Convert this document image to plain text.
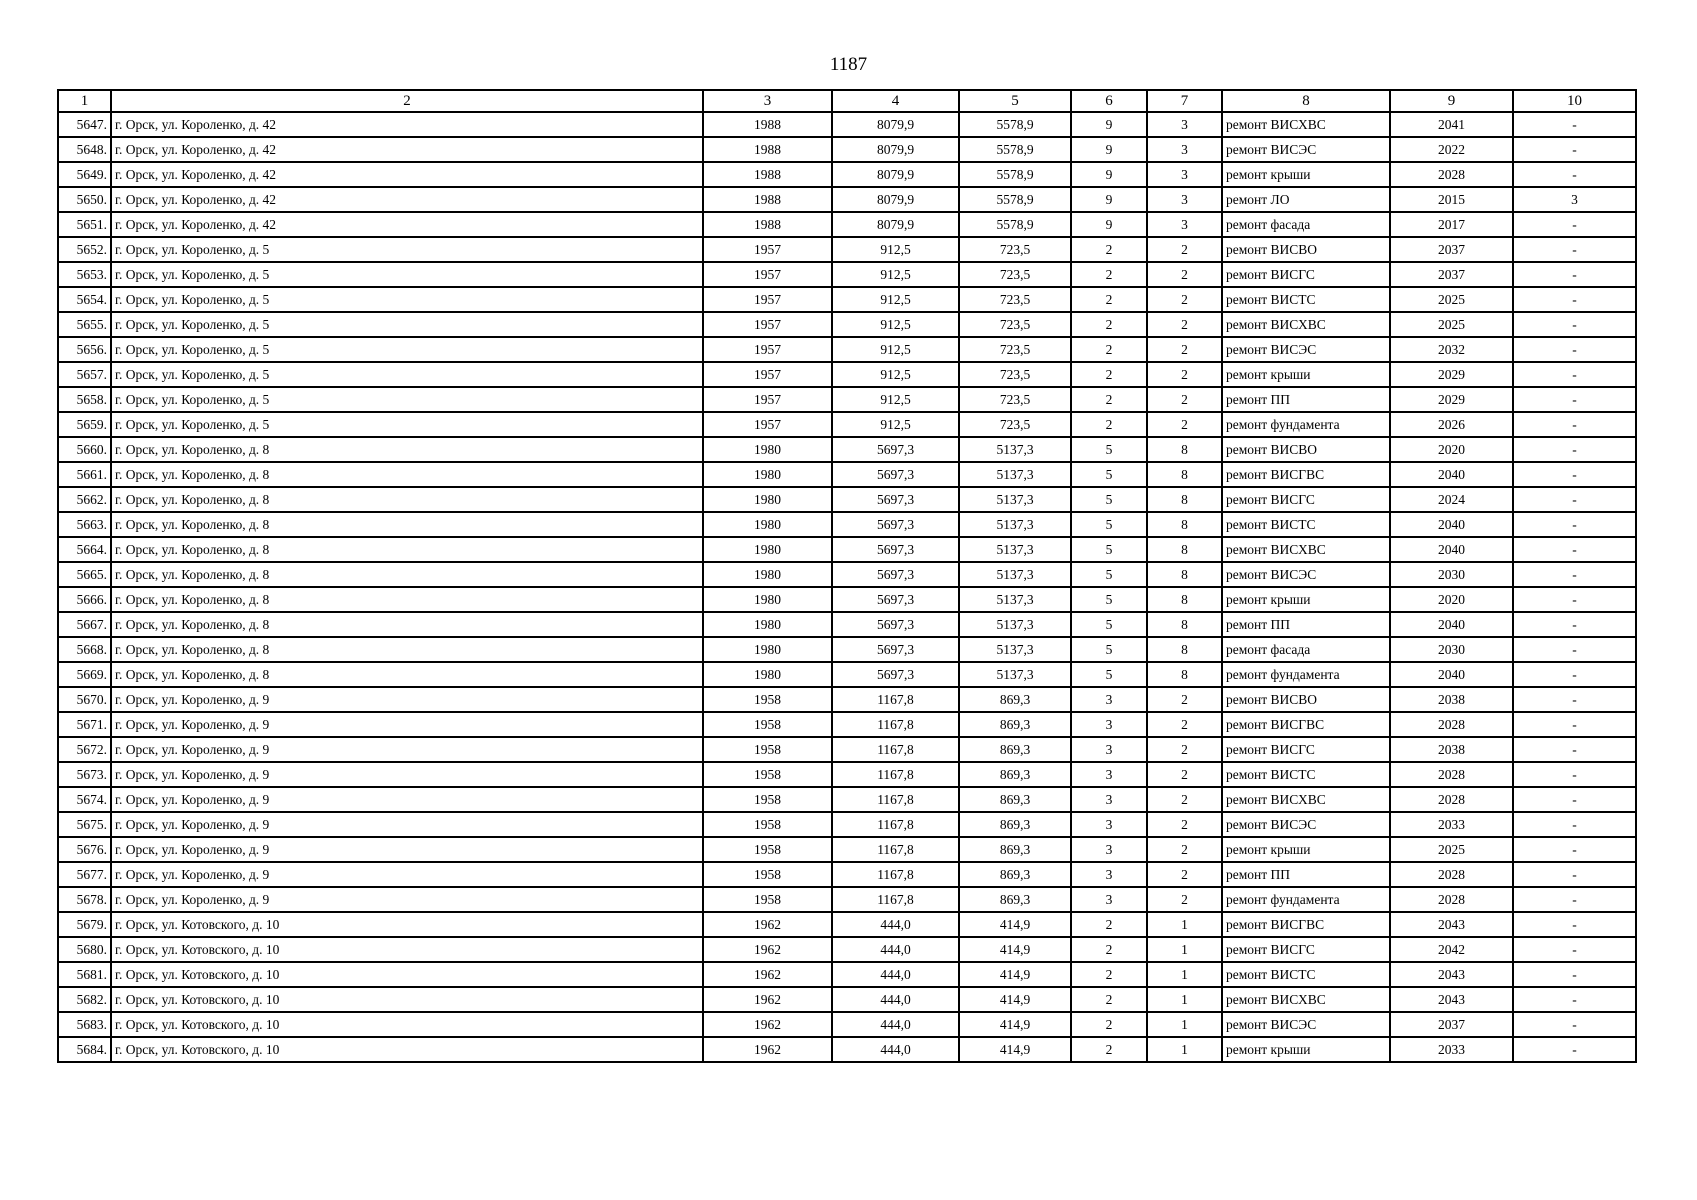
1187
1	2	3	4	5	6	7	8	9	10
5647.	г. Орск, ул. Короленко, д. 42	1988	8079,9	5578,9	9	3	ремонт ВИСХВС	2041	-
5648.	г. Орск, ул. Короленко, д. 42	1988	8079,9	5578,9	9	3	ремонт ВИСЭС	2022	-
5649.	г. Орск, ул. Короленко, д. 42	1988	8079,9	5578,9	9	3	ремонт крыши	2028	-
5650.	г. Орск, ул. Короленко, д. 42	1988	8079,9	5578,9	9	3	ремонт ЛО	2015	3
5651.	г. Орск, ул. Короленко, д. 42	1988	8079,9	5578,9	9	3	ремонт фасада	2017	-
5652.	г. Орск, ул. Короленко, д. 5	1957	912,5	723,5	2	2	ремонт ВИСВО	2037	-
5653.	г. Орск, ул. Короленко, д. 5	1957	912,5	723,5	2	2	ремонт ВИСГС	2037	-
5654.	г. Орск, ул. Короленко, д. 5	1957	912,5	723,5	2	2	ремонт ВИСТС	2025	-
5655.	г. Орск, ул. Короленко, д. 5	1957	912,5	723,5	2	2	ремонт ВИСХВС	2025	-
5656.	г. Орск, ул. Короленко, д. 5	1957	912,5	723,5	2	2	ремонт ВИСЭС	2032	-
5657.	г. Орск, ул. Короленко, д. 5	1957	912,5	723,5	2	2	ремонт крыши	2029	-
5658.	г. Орск, ул. Короленко, д. 5	1957	912,5	723,5	2	2	ремонт ПП	2029	-
5659.	г. Орск, ул. Короленко, д. 5	1957	912,5	723,5	2	2	ремонт фундамента	2026	-
5660.	г. Орск, ул. Короленко, д. 8	1980	5697,3	5137,3	5	8	ремонт ВИСВО	2020	-
5661.	г. Орск, ул. Короленко, д. 8	1980	5697,3	5137,3	5	8	ремонт ВИСГВС	2040	-
5662.	г. Орск, ул. Короленко, д. 8	1980	5697,3	5137,3	5	8	ремонт ВИСГС	2024	-
5663.	г. Орск, ул. Короленко, д. 8	1980	5697,3	5137,3	5	8	ремонт ВИСТС	2040	-
5664.	г. Орск, ул. Короленко, д. 8	1980	5697,3	5137,3	5	8	ремонт ВИСХВС	2040	-
5665.	г. Орск, ул. Короленко, д. 8	1980	5697,3	5137,3	5	8	ремонт ВИСЭС	2030	-
5666.	г. Орск, ул. Короленко, д. 8	1980	5697,3	5137,3	5	8	ремонт крыши	2020	-
5667.	г. Орск, ул. Короленко, д. 8	1980	5697,3	5137,3	5	8	ремонт ПП	2040	-
5668.	г. Орск, ул. Короленко, д. 8	1980	5697,3	5137,3	5	8	ремонт фасада	2030	-
5669.	г. Орск, ул. Короленко, д. 8	1980	5697,3	5137,3	5	8	ремонт фундамента	2040	-
5670.	г. Орск, ул. Короленко, д. 9	1958	1167,8	869,3	3	2	ремонт ВИСВО	2038	-
5671.	г. Орск, ул. Короленко, д. 9	1958	1167,8	869,3	3	2	ремонт ВИСГВС	2028	-
5672.	г. Орск, ул. Короленко, д. 9	1958	1167,8	869,3	3	2	ремонт ВИСГС	2038	-
5673.	г. Орск, ул. Короленко, д. 9	1958	1167,8	869,3	3	2	ремонт ВИСТС	2028	-
5674.	г. Орск, ул. Короленко, д. 9	1958	1167,8	869,3	3	2	ремонт ВИСХВС	2028	-
5675.	г. Орск, ул. Короленко, д. 9	1958	1167,8	869,3	3	2	ремонт ВИСЭС	2033	-
5676.	г. Орск, ул. Короленко, д. 9	1958	1167,8	869,3	3	2	ремонт крыши	2025	-
5677.	г. Орск, ул. Короленко, д. 9	1958	1167,8	869,3	3	2	ремонт ПП	2028	-
5678.	г. Орск, ул. Короленко, д. 9	1958	1167,8	869,3	3	2	ремонт фундамента	2028	-
5679.	г. Орск, ул. Котовского, д. 10	1962	444,0	414,9	2	1	ремонт ВИСГВС	2043	-
5680.	г. Орск, ул. Котовского, д. 10	1962	444,0	414,9	2	1	ремонт ВИСГС	2042	-
5681.	г. Орск, ул. Котовского, д. 10	1962	444,0	414,9	2	1	ремонт ВИСТС	2043	-
5682.	г. Орск, ул. Котовского, д. 10	1962	444,0	414,9	2	1	ремонт ВИСХВС	2043	-
5683.	г. Орск, ул. Котовского, д. 10	1962	444,0	414,9	2	1	ремонт ВИСЭС	2037	-
5684.	г. Орск, ул. Котовского, д. 10	1962	444,0	414,9	2	1	ремонт крыши	2033	-
